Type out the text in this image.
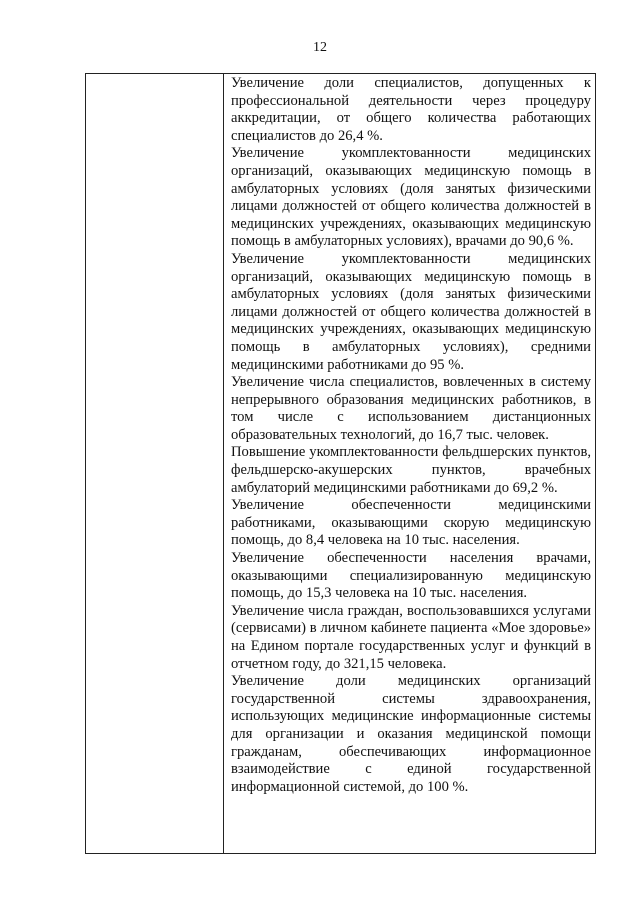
12

Увеличение доли специалистов, допущенных к профессиональной деятельности через процедуру аккредитации, от общего количества работающих специалистов до 26,4 %.

Увеличение укомплектованности медицинских организаций, оказывающих медицинскую помощь в амбулаторных условиях (доля занятых физическими лицами должностей от общего количества должностей в медицинских учреждениях, оказывающих медицинскую помощь в амбулаторных условиях), врачами до 90,6 %.

Увеличение укомплектованности медицинских организаций, оказывающих медицинскую помощь в амбулаторных условиях (доля занятых физическими лицами должностей от общего количества должностей в медицинских учреждениях, оказывающих медицинскую помощь в амбулаторных условиях), средними медицинскими работниками до 95 %.

Увеличение числа специалистов, вовлеченных в систему непрерывного образования медицинских работников, в том числе с использованием дистанционных образовательных технологий, до 16,7 тыс. человек.

Повышение укомплектованности фельдшерских пунктов, фельдшерско-акушерских пунктов, врачебных амбулаторий медицинскими работниками до 69,2 %.

Увеличение обеспеченности медицинскими работниками, оказывающими скорую медицинскую помощь, до 8,4 человека на 10 тыс. населения.

Увеличение обеспеченности населения врачами, оказывающими специализированную медицинскую помощь, до 15,3 человека на 10 тыс. населения.

Увеличение числа граждан, воспользовавшихся услугами (сервисами) в личном кабинете пациента «Мое здоровье» на Едином портале государственных услуг и функций в отчетном году, до 321,15 человека.

Увеличение доли медицинских организаций государственной системы здравоохранения, использующих медицинские информационные системы для организации и оказания медицинской помощи гражданам, обеспечивающих информационное взаимодействие с единой государственной информационной системой, до 100 %.
